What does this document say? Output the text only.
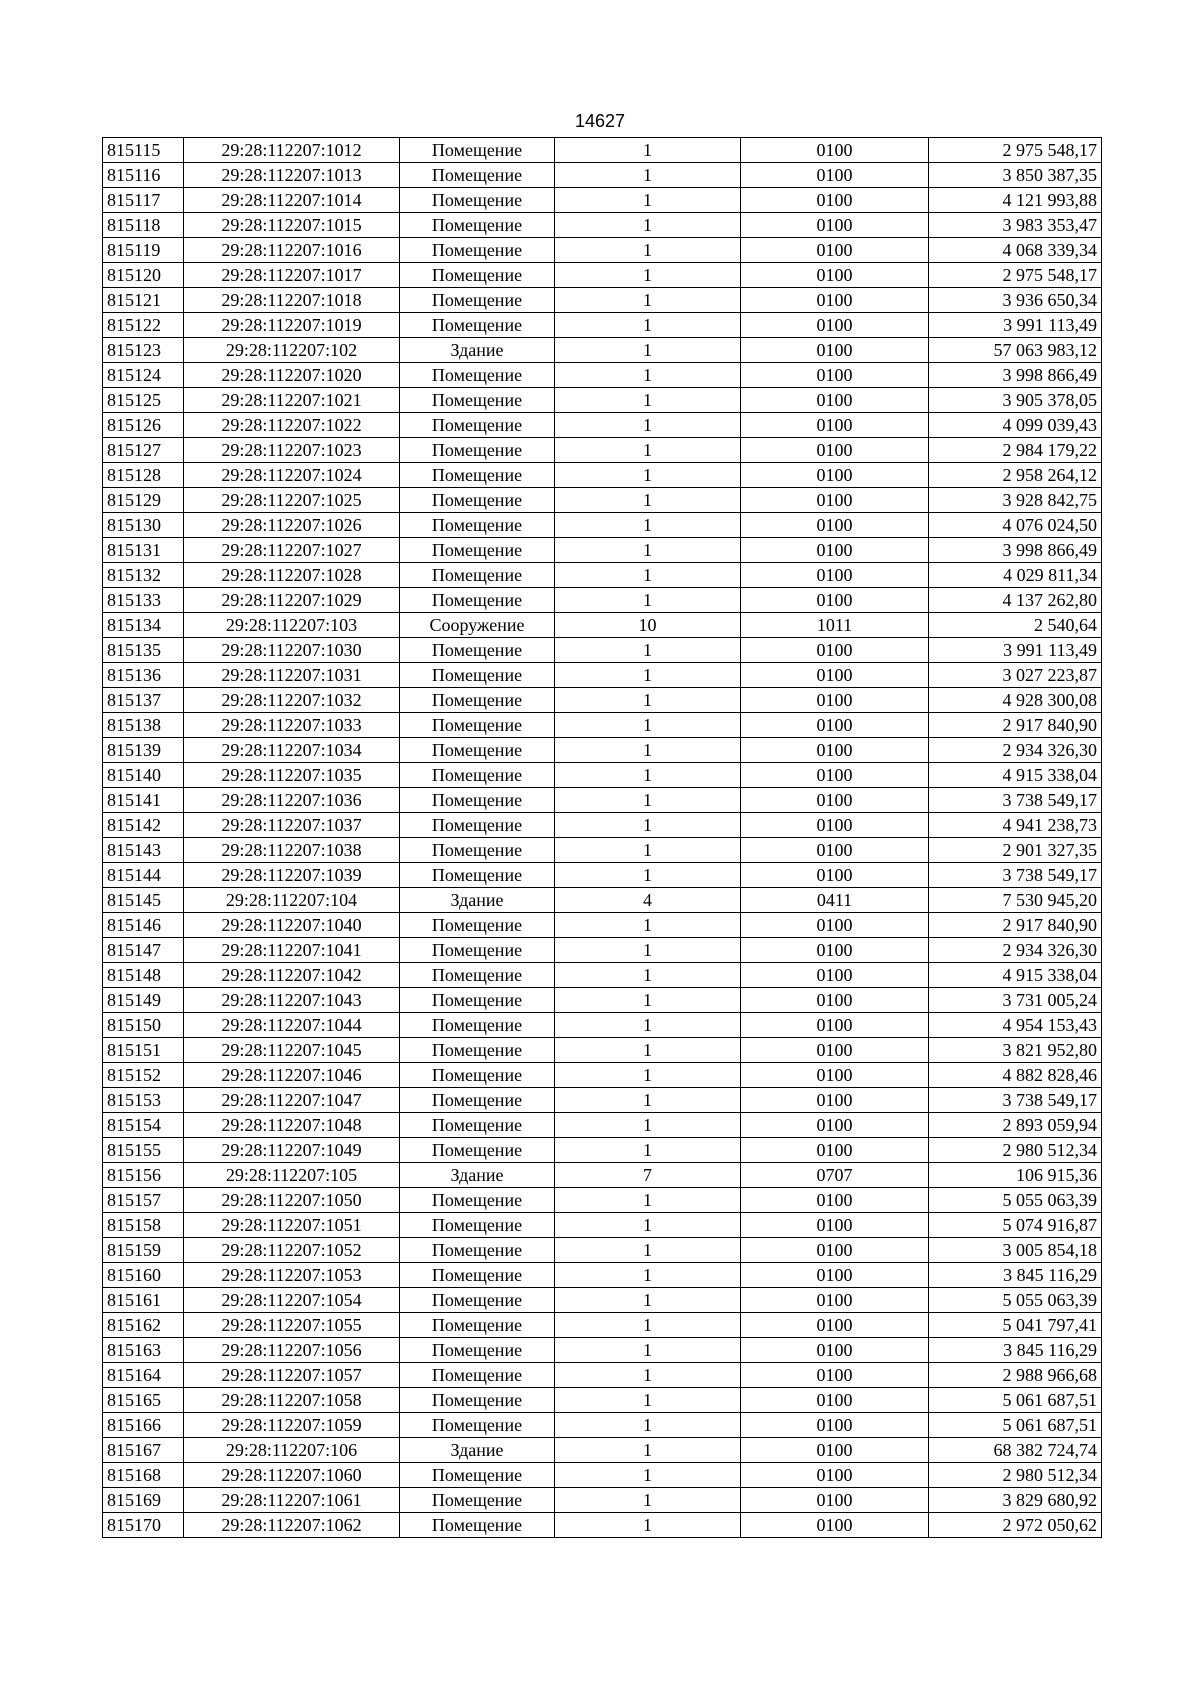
14627
815115	29:28:112207:1012	Помещение	1	0100	2 975 548,17
815116	29:28:112207:1013	Помещение	1	0100	3 850 387,35
815117	29:28:112207:1014	Помещение	1	0100	4 121 993,88
815118	29:28:112207:1015	Помещение	1	0100	3 983 353,47
815119	29:28:112207:1016	Помещение	1	0100	4 068 339,34
815120	29:28:112207:1017	Помещение	1	0100	2 975 548,17
815121	29:28:112207:1018	Помещение	1	0100	3 936 650,34
815122	29:28:112207:1019	Помещение	1	0100	3 991 113,49
815123	29:28:112207:102	Здание	1	0100	57 063 983,12
815124	29:28:112207:1020	Помещение	1	0100	3 998 866,49
815125	29:28:112207:1021	Помещение	1	0100	3 905 378,05
815126	29:28:112207:1022	Помещение	1	0100	4 099 039,43
815127	29:28:112207:1023	Помещение	1	0100	2 984 179,22
815128	29:28:112207:1024	Помещение	1	0100	2 958 264,12
815129	29:28:112207:1025	Помещение	1	0100	3 928 842,75
815130	29:28:112207:1026	Помещение	1	0100	4 076 024,50
815131	29:28:112207:1027	Помещение	1	0100	3 998 866,49
815132	29:28:112207:1028	Помещение	1	0100	4 029 811,34
815133	29:28:112207:1029	Помещение	1	0100	4 137 262,80
815134	29:28:112207:103	Сооружение	10	1011	2 540,64
815135	29:28:112207:1030	Помещение	1	0100	3 991 113,49
815136	29:28:112207:1031	Помещение	1	0100	3 027 223,87
815137	29:28:112207:1032	Помещение	1	0100	4 928 300,08
815138	29:28:112207:1033	Помещение	1	0100	2 917 840,90
815139	29:28:112207:1034	Помещение	1	0100	2 934 326,30
815140	29:28:112207:1035	Помещение	1	0100	4 915 338,04
815141	29:28:112207:1036	Помещение	1	0100	3 738 549,17
815142	29:28:112207:1037	Помещение	1	0100	4 941 238,73
815143	29:28:112207:1038	Помещение	1	0100	2 901 327,35
815144	29:28:112207:1039	Помещение	1	0100	3 738 549,17
815145	29:28:112207:104	Здание	4	0411	7 530 945,20
815146	29:28:112207:1040	Помещение	1	0100	2 917 840,90
815147	29:28:112207:1041	Помещение	1	0100	2 934 326,30
815148	29:28:112207:1042	Помещение	1	0100	4 915 338,04
815149	29:28:112207:1043	Помещение	1	0100	3 731 005,24
815150	29:28:112207:1044	Помещение	1	0100	4 954 153,43
815151	29:28:112207:1045	Помещение	1	0100	3 821 952,80
815152	29:28:112207:1046	Помещение	1	0100	4 882 828,46
815153	29:28:112207:1047	Помещение	1	0100	3 738 549,17
815154	29:28:112207:1048	Помещение	1	0100	2 893 059,94
815155	29:28:112207:1049	Помещение	1	0100	2 980 512,34
815156	29:28:112207:105	Здание	7	0707	106 915,36
815157	29:28:112207:1050	Помещение	1	0100	5 055 063,39
815158	29:28:112207:1051	Помещение	1	0100	5 074 916,87
815159	29:28:112207:1052	Помещение	1	0100	3 005 854,18
815160	29:28:112207:1053	Помещение	1	0100	3 845 116,29
815161	29:28:112207:1054	Помещение	1	0100	5 055 063,39
815162	29:28:112207:1055	Помещение	1	0100	5 041 797,41
815163	29:28:112207:1056	Помещение	1	0100	3 845 116,29
815164	29:28:112207:1057	Помещение	1	0100	2 988 966,68
815165	29:28:112207:1058	Помещение	1	0100	5 061 687,51
815166	29:28:112207:1059	Помещение	1	0100	5 061 687,51
815167	29:28:112207:106	Здание	1	0100	68 382 724,74
815168	29:28:112207:1060	Помещение	1	0100	2 980 512,34
815169	29:28:112207:1061	Помещение	1	0100	3 829 680,92
815170	29:28:112207:1062	Помещение	1	0100	2 972 050,62
